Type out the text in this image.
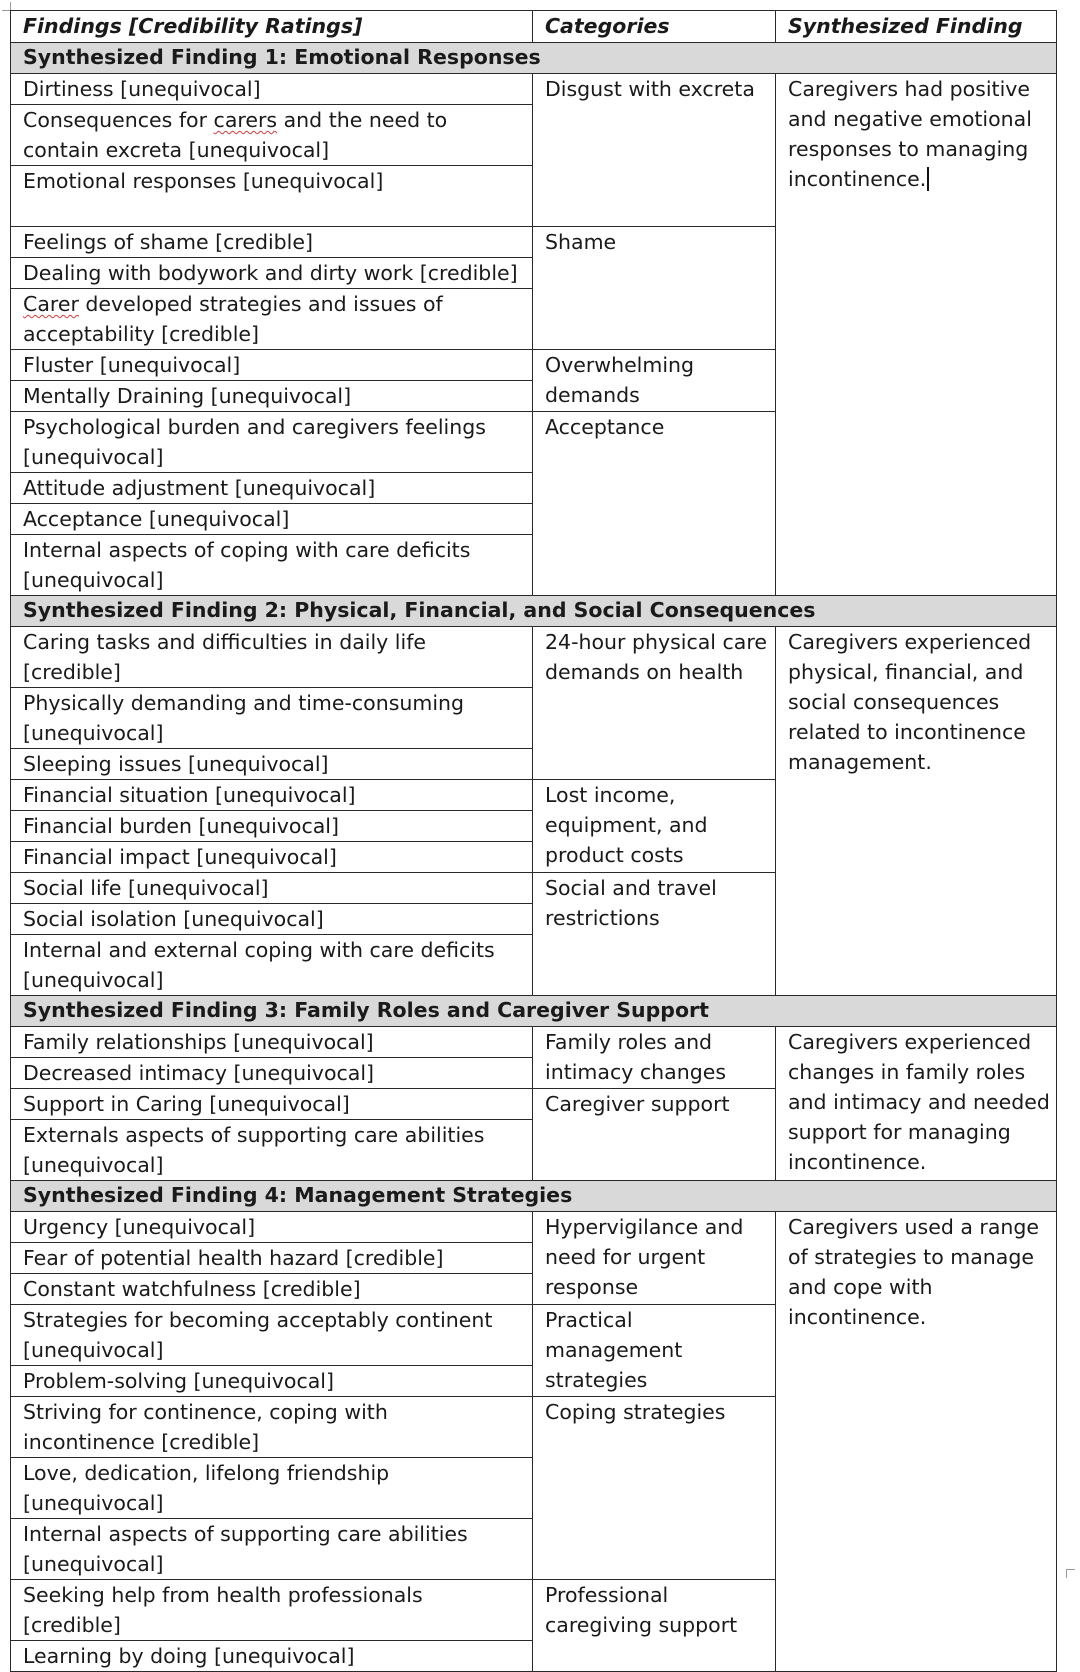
Findings [Credibility Ratings]	Categories	Synthesized Finding
Synthesized Finding 1: Emotional Responses		
Dirtiness [unequivocal]	Disgust with excreta	Caregivers had positive and negative emotional responses to managing incontinence.
Consequences for carers and the need to contain excreta [unequivocal]		
Emotional responses [unequivocal]		
Feelings of shame [credible]	Shame	
Dealing with bodywork and dirty work [credible]		
Carer developed strategies and issues of acceptability [credible]		
Fluster [unequivocal]	Overwhelming demands	
Mentally Draining [unequivocal]		
Psychological burden and caregivers feelings [unequivocal]	Acceptance	
Attitude adjustment [unequivocal]		
Acceptance [unequivocal]		
Internal aspects of coping with care deficits [unequivocal]		
Synthesized Finding 2: Physical, Financial, and Social Consequences		
Caring tasks and difficulties in daily life [credible]	24-hour physical care demands on health	Caregivers experienced physical, financial, and social consequences related to incontinence management.
Physically demanding and time-consuming [unequivocal]		
Sleeping issues [unequivocal]		
Financial situation [unequivocal]	Lost income, equipment, and product costs	
Financial burden [unequivocal]		
Financial impact [unequivocal]		
Social life [unequivocal]	Social and travel restrictions	
Social isolation [unequivocal]		
Internal and external coping with care deficits [unequivocal]		
Synthesized Finding 3: Family Roles and Caregiver Support		
Family relationships [unequivocal]	Family roles and intimacy changes	Caregivers experienced changes in family roles and intimacy and needed support for managing incontinence.
Decreased intimacy [unequivocal]		
Support in Caring [unequivocal]	Caregiver support	
Externals aspects of supporting care abilities [unequivocal]		
Synthesized Finding 4: Management Strategies		
Urgency [unequivocal]	Hypervigilance and need for urgent response	Caregivers used a range of strategies to manage and cope with incontinence.
Fear of potential health hazard [credible]		
Constant watchfulness [credible]		
Strategies for becoming acceptably continent [unequivocal]	Practical management strategies	
Problem-solving [unequivocal]		
Striving for continence, coping with incontinence [credible]	Coping strategies	
Love, dedication, lifelong friendship [unequivocal]		
Internal aspects of supporting care abilities [unequivocal]		
Seeking help from health professionals [credible]	Professional caregiving support	
Learning by doing [unequivocal]		
